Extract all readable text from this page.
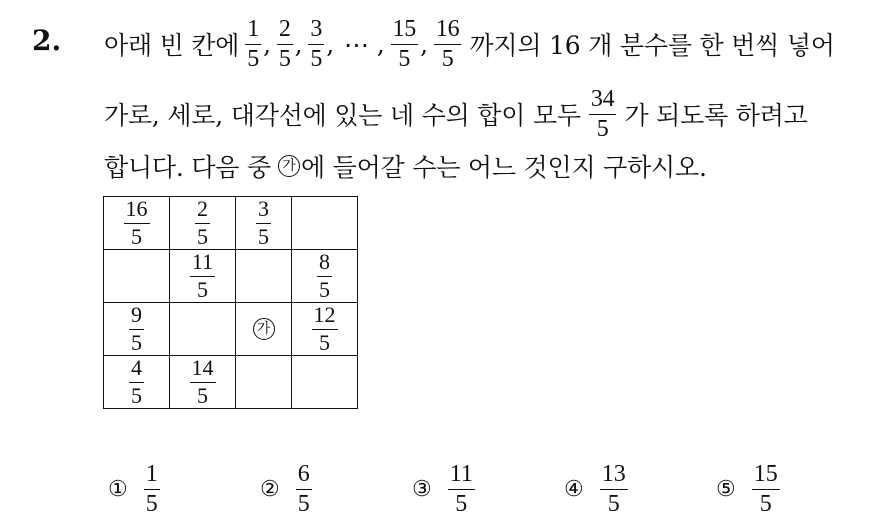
2. 아래 빈 칸에 $\frac{1}{5}$ , $\frac{2}{5}$ , $\frac{3}{5}$ , ⋯ , $\frac{15}{5}$ , $\frac{16}{5}$ 까지의 16 개 분수를 한 번씩 넣어
가로, 세로, 대각선에 있는 네 수의 합이 모두 $\frac{34}{5}$ 가 되도록 하려고
합니다. 다음 중 가 에 들어갈 수는 어느 것인지 구하시오.
$\frac{16}{5}$	$\frac{2}{5}$	$\frac{3}{5}$

	$\frac{11}{5}$		$\frac{8}{5}$

$\frac{9}{5}$		가	$\frac{12}{5}$

$\frac{4}{5}$	$\frac{14}{5}$

① $\frac{1}{5}$	② $\frac{6}{5}$	③ $\frac{11}{5}$	④ $\frac{13}{5}$	⑤ $\frac{15}{5}$
